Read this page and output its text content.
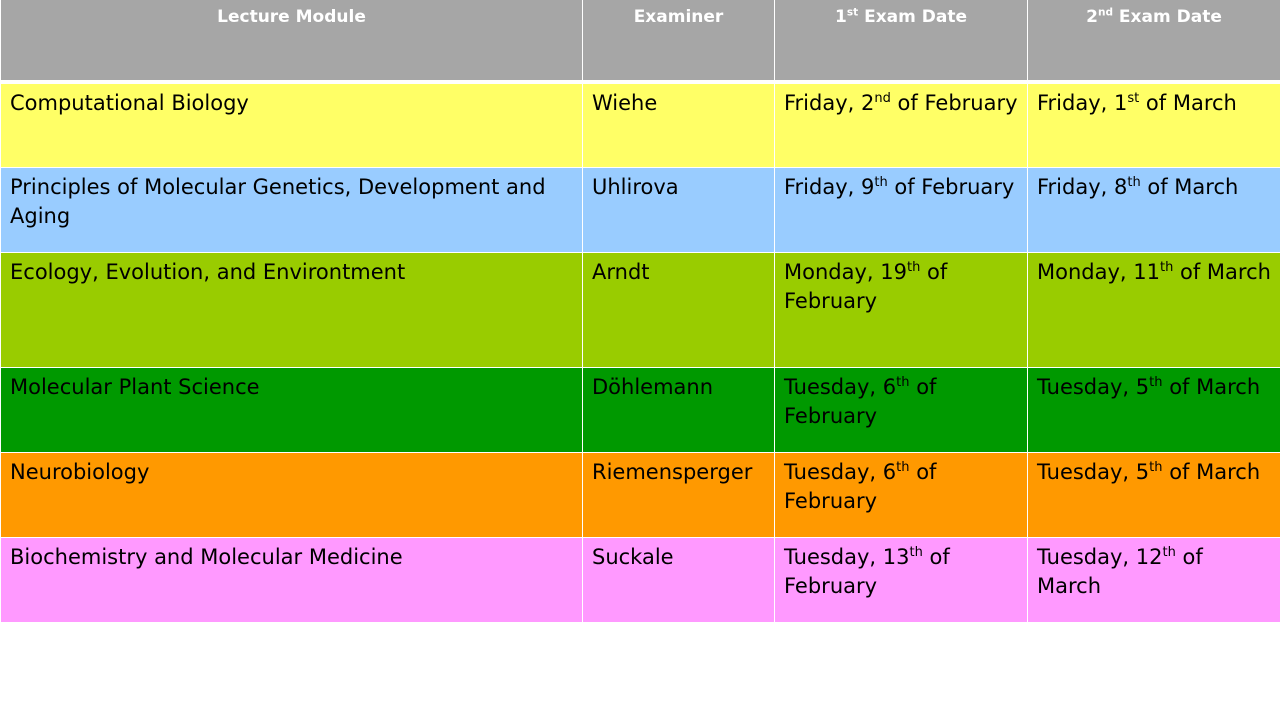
Lecture Module	Examiner	1st Exam Date	2nd Exam Date
Computational Biology	Wiehe	Friday, 2nd of February	Friday, 1st of March
Principles of Molecular Genetics, Development and Aging	Uhlirova	Friday, 9th of February	Friday, 8th of March
Ecology, Evolution, and Environtment	Arndt	Monday, 19th of February	Monday, 11th of March
Molecular Plant Science	Döhlemann	Tuesday, 6th of February	Tuesday, 5th of March
Neurobiology	Riemensperger	Tuesday, 6th of February	Tuesday, 5th of March
Biochemistry and Molecular Medicine	Suckale	Tuesday, 13th of February	Tuesday, 12th of March
